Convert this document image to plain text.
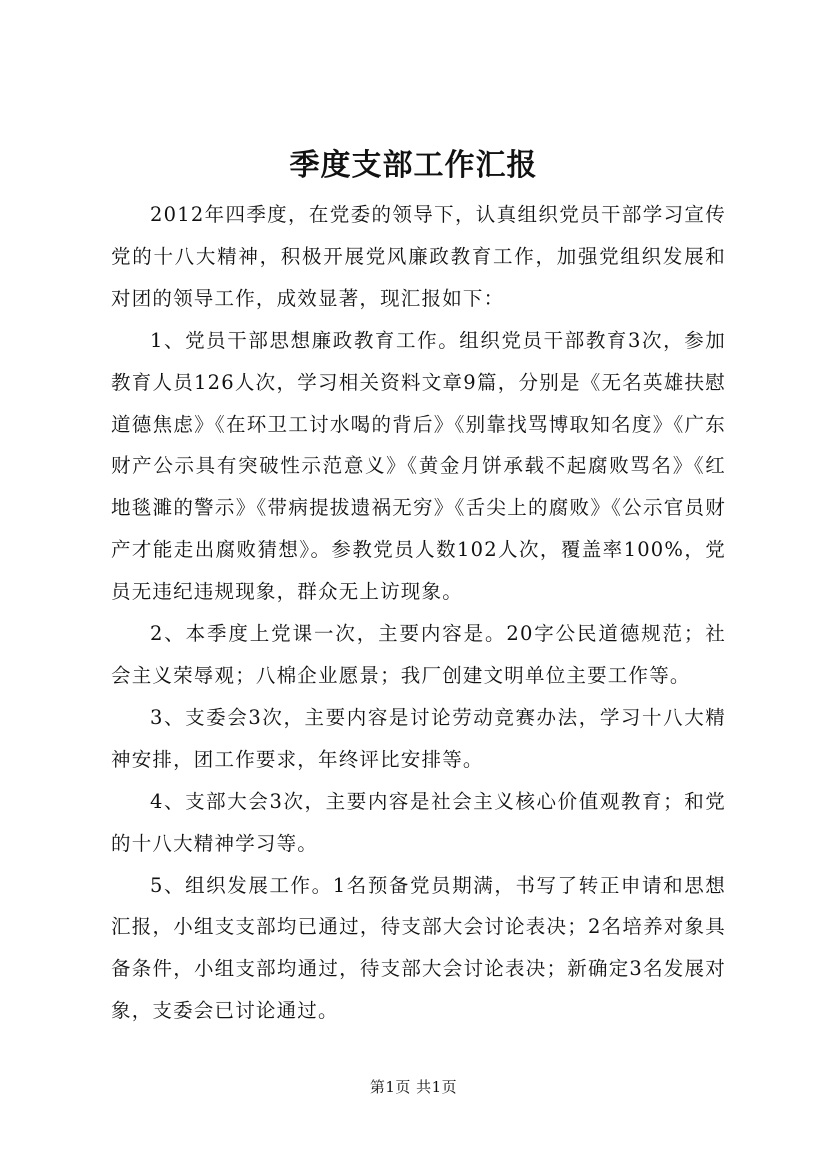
季度支部工作汇报

2012年四季度，在党委的领导下，认真组织党员干部学习宣传党的十八大精神，积极开展党风廉政教育工作，加强党组织发展和对团的领导工作，成效显著，现汇报如下：

1、党员干部思想廉政教育工作。组织党员干部教育3次，参加教育人员126人次，学习相关资料文章9篇，分别是《无名英雄扶慰道德焦虑》《在环卫工讨水喝的背后》《别靠找骂博取知名度》《广东财产公示具有突破性示范意义》《黄金月饼承载不起腐败骂名》《红地毯濉的警示》《带病提拔遗祸无穷》《舌尖上的腐败》《公示官员财产才能走出腐败猜想》。参教党员人数102人次，覆盖率100%，党员无违纪违规现象，群众无上访现象。

2、本季度上党课一次，主要内容是。20字公民道德规范；社会主义荣辱观；八棉企业愿景；我厂创建文明单位主要工作等。

3、支委会3次，主要内容是讨论劳动竞赛办法，学习十八大精神安排，团工作要求，年终评比安排等。

4、支部大会3次，主要内容是社会主义核心价值观教育；和党的十八大精神学习等。

5、组织发展工作。1名预备党员期满，书写了转正申请和思想汇报，小组支支部均已通过，待支部大会讨论表决；2名培养对象具备条件，小组支部均通过，待支部大会讨论表决；新确定3名发展对象，支委会已讨论通过。

第1页 共1页
